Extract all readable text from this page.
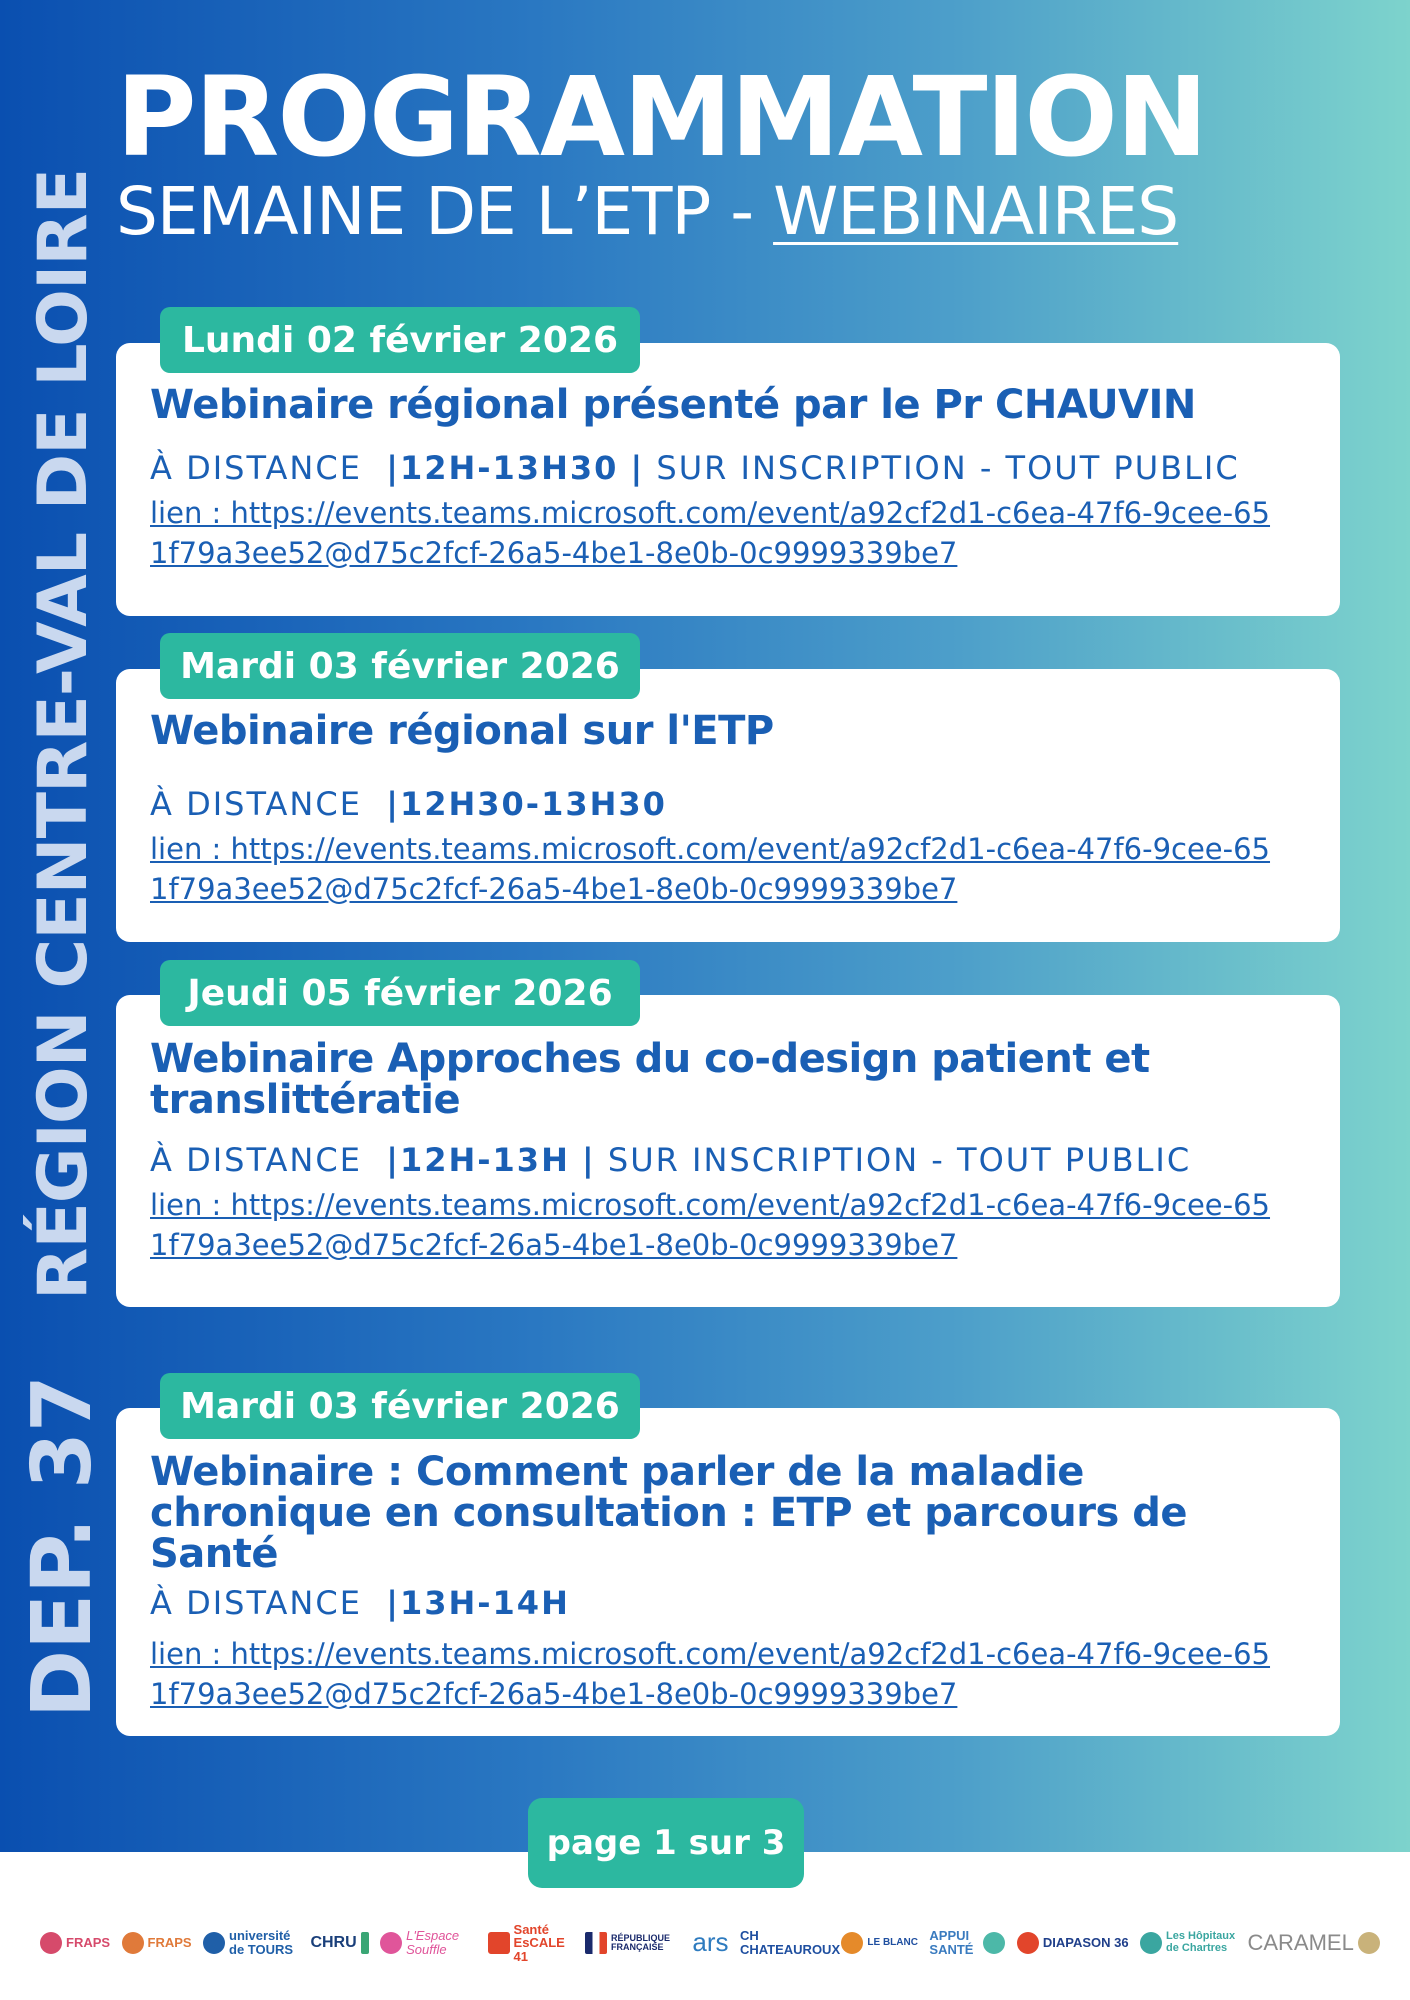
PROGRAMMATION

SEMAINE DE L’ETP - WEBINAIRES

RÉGION CENTRE-VAL DE LOIRE
DEP. 37

Webinaire régional présenté par le Pr CHAUVIN

À DISTANCE |12H-13H30 | SUR INSCRIPTION - TOUT PUBLIC

lien : https://events.teams.microsoft.com/event/a92cf2d1-c6ea-47f6-9cee-651f79a3ee52@d75c2fcf-26a5-4be1-8e0b-0c9999339be7
Lundi 02 février 2026

Webinaire régional sur l'ETP

À DISTANCE |12H30-13H30

lien : https://events.teams.microsoft.com/event/a92cf2d1-c6ea-47f6-9cee-651f79a3ee52@d75c2fcf-26a5-4be1-8e0b-0c9999339be7
Mardi 03 février 2026

Webinaire Approches du co-design patient et translittératie

À DISTANCE |12H-13H | SUR INSCRIPTION - TOUT PUBLIC

lien : https://events.teams.microsoft.com/event/a92cf2d1-c6ea-47f6-9cee-651f79a3ee52@d75c2fcf-26a5-4be1-8e0b-0c9999339be7
Jeudi 05 février 2026

Webinaire : Comment parler de la maladie chronique en consultation : ETP et parcours de Santé

À DISTANCE |13H-14H

lien : https://events.teams.microsoft.com/event/a92cf2d1-c6ea-47f6-9cee-651f79a3ee52@d75c2fcf-26a5-4be1-8e0b-0c9999339be7
Mardi 03 février 2026
page 1 sur 3
FRAPS	FRAPS	université de TOURS	CHRU	L'Espace Souffle
Santé EsCALE 41
RÉPUBLIQUE FRANÇAISE	ars CH CHATEAUROUX	LE BLANC APPUI SANTÉ	DIAPASON 36	Les Hôpitaux de Chartres CARAMEL
